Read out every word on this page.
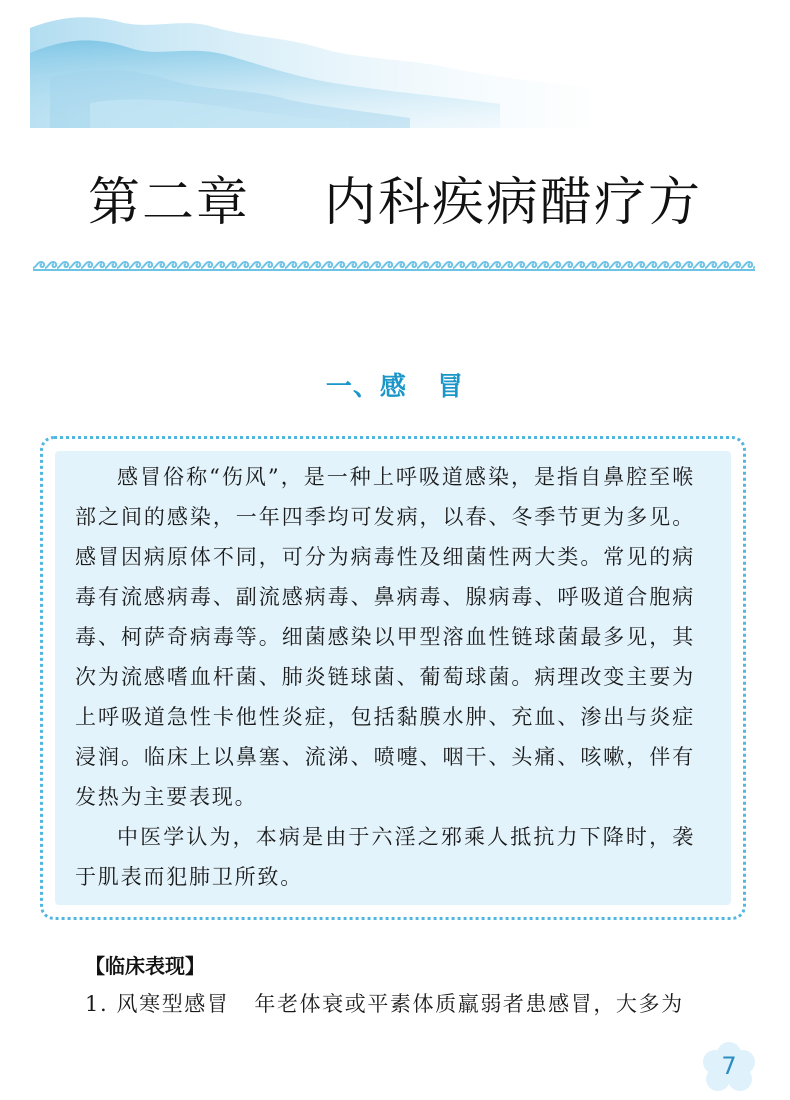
第二章    内科疾病醋疗方
一、感   冒

感冒俗称“伤风”，是一种上呼吸道感染，是指自鼻腔至喉部之间的感染，一年四季均可发病，以春、冬季节更为多见。感冒因病原体不同，可分为病毒性及细菌性两大类。常见的病毒有流感病毒、副流感病毒、鼻病毒、腺病毒、呼吸道合胞病毒、柯萨奇病毒等。细菌感染以甲型溶血性链球菌最多见，其次为流感嗜血杆菌、肺炎链球菌、葡萄球菌。病理改变主要为上呼吸道急性卡他性炎症，包括黏膜水肿、充血、渗出与炎症浸润。临床上以鼻塞、流涕、喷嚏、咽干、头痛、咳嗽，伴有发热为主要表现。

中医学认为，本病是由于六淫之邪乘人抵抗力下降时，袭于肌表而犯肺卫所致。

【临床表现】
1. 风寒型感冒   年老体衰或平素体质羸弱者患感冒，大多为
7
